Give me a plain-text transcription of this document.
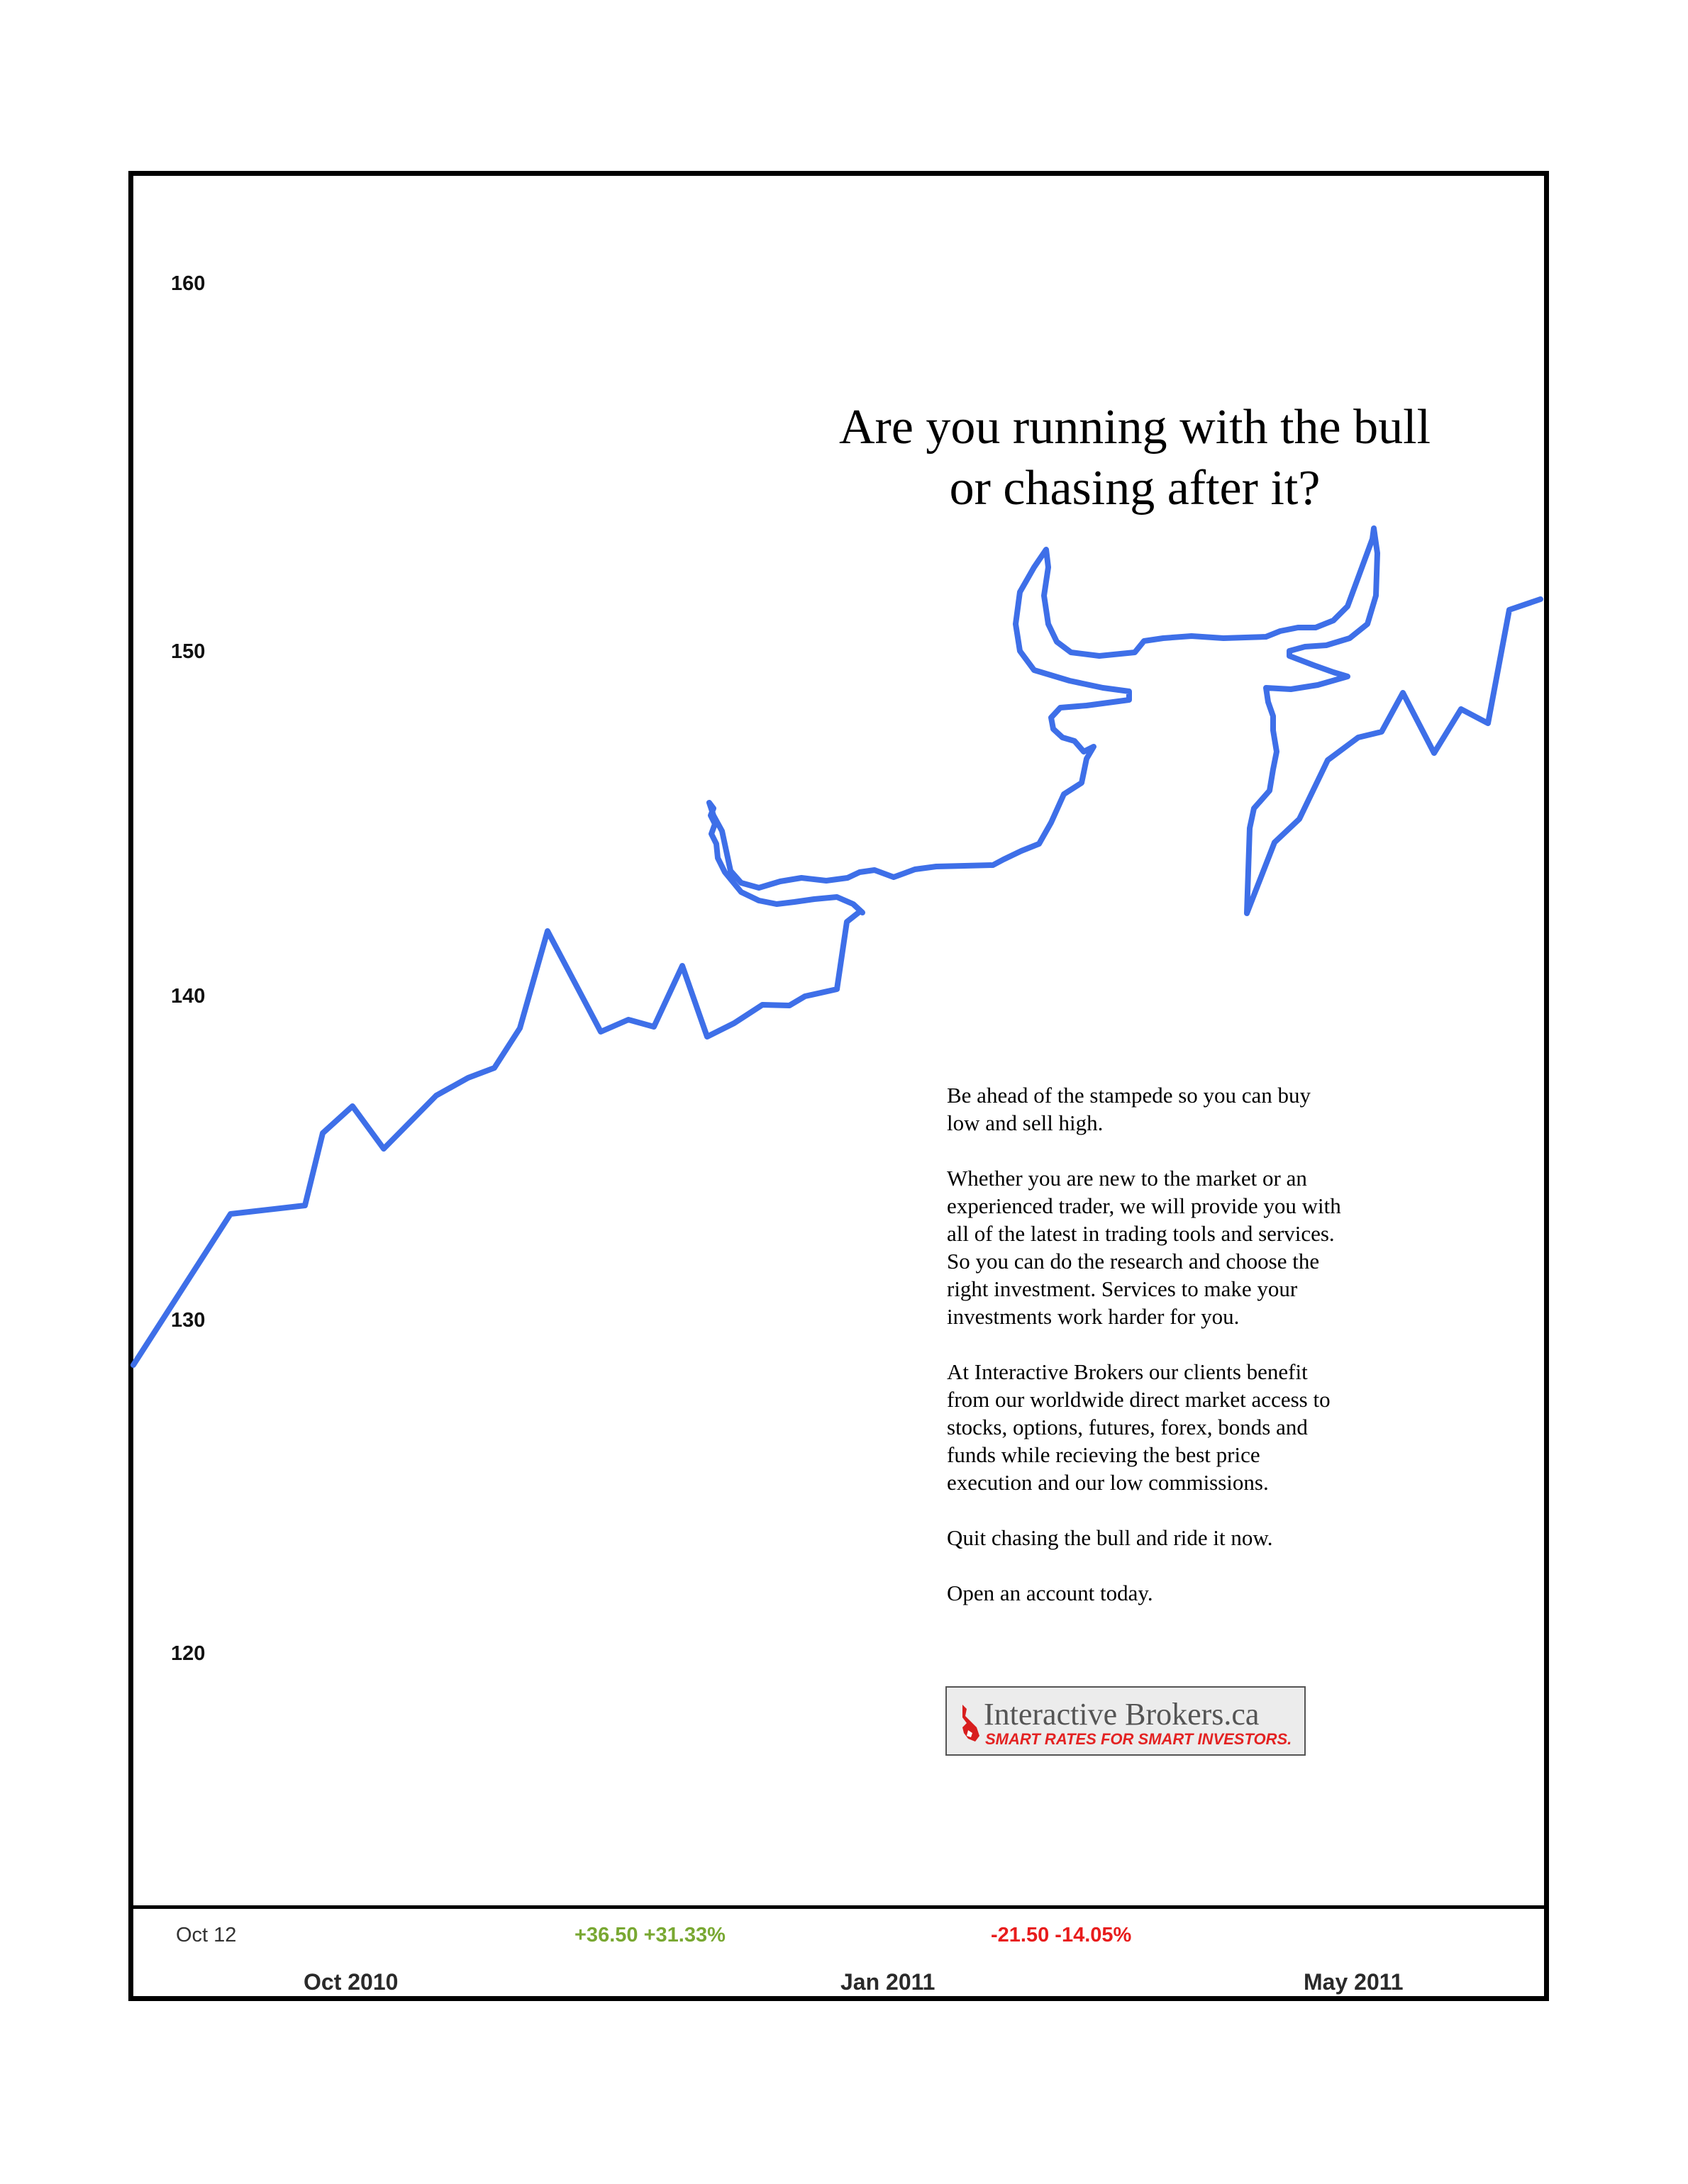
160
150
140
130
120
Are you running with the bull
or chasing after it?

Be ahead of the stampede so you can buy low and sell high.

Whether you are new to the market or an experienced trader, we will provide you with all of the latest in trading tools and services. So you can do the research and choose the right investment. Services to make your investments work harder for you.

At Interactive Brokers our clients benefit from our worldwide direct market access to stocks, options, futures, forex, bonds and funds while recieving the best price execution and our low commissions.

Quit chasing the bull and ride it now.

Open an account today.

Interactive Brokers.ca
SMART RATES FOR SMART INVESTORS.
Oct 12	+36.50 +31.33%	-21.50 -14.05%
Oct 2010	Jan 2011	May 2011
